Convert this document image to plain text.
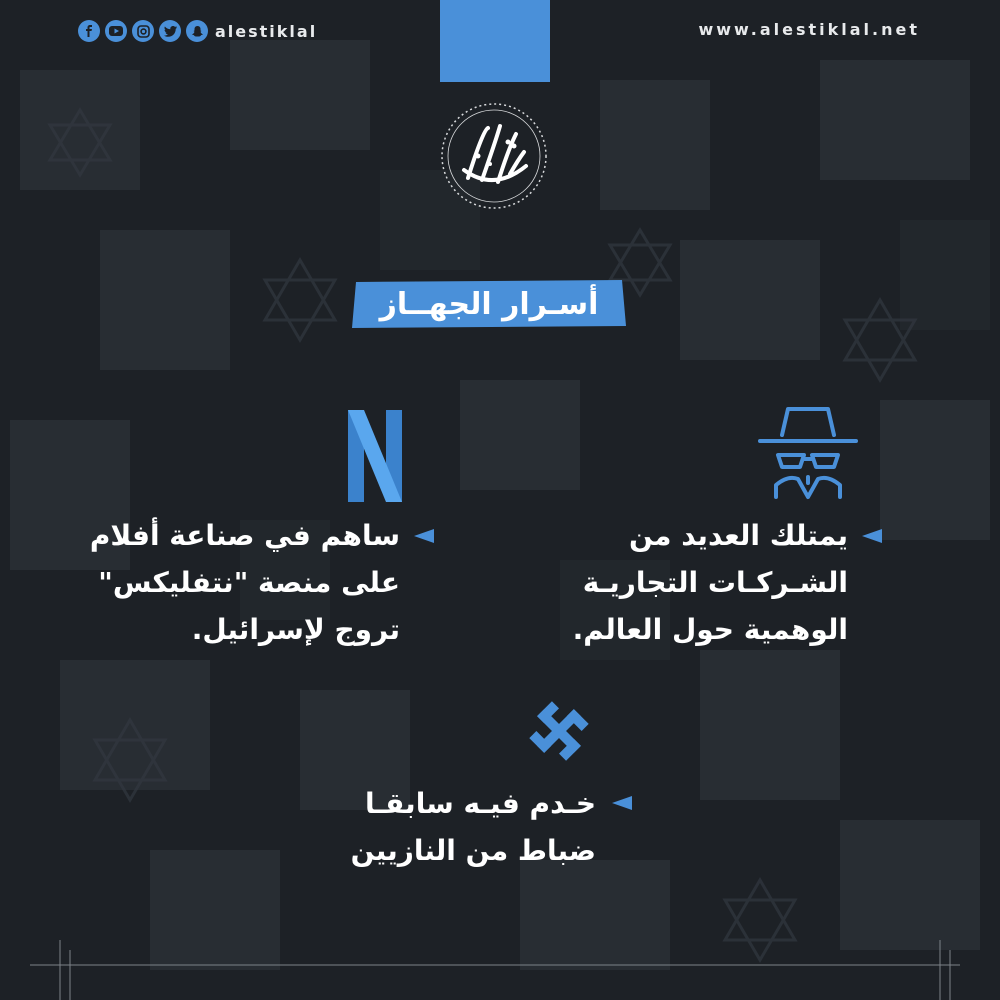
alestiklal	www.alestiklal.net
أسـرار الجهــاز
يمتلك العديد من
الشـركـات التجاريـة
الوهمية حول العالم.
ساهم في صناعة أفلام
على منصة "نتفليكس"
تروج لإسرائيل.
خـدم فيـه سابقـا
ضباط من النازيين
